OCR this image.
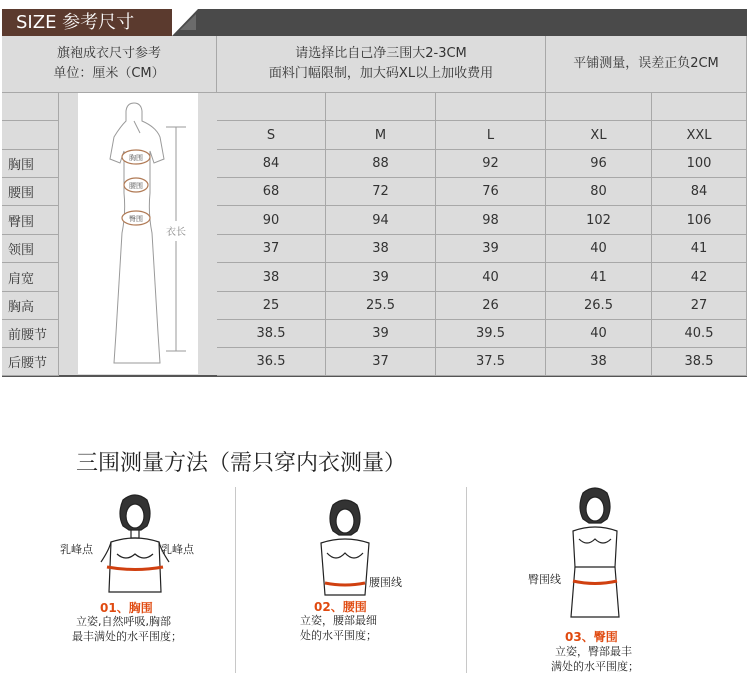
SIZE 参考尺寸
旗袍成衣尺寸参考
单位：厘米（CM）
请选择比自己净三围大2-3CM
面料门幅限制，加大码XL以上加收费用
平铺测量，误差正负2CM
S	M	L	XL	XXL
胸围	84	88	92	96	100
腰围	68	72	76	80	84
臀围	90	94	98	102	106
领围	37	38	39	40	41
肩宽	38	39	40	41	42
胸高	25	25.5	26	26.5	27
前腰节	38.5	39	39.5	40	40.5
后腰节	36.5	37	37.5	38	38.5
胸围
腰围
臀围
衣长
三围测量方法（需只穿内衣测量）
乳峰点	乳峰点
01、胸围
立姿,自然呼吸,胸部
最丰满处的水平围度；
腰围线
02、腰围
立姿，腰部最细
处的水平围度；
臀围线
03、臀围
立姿，臀部最丰
满处的水平围度；
